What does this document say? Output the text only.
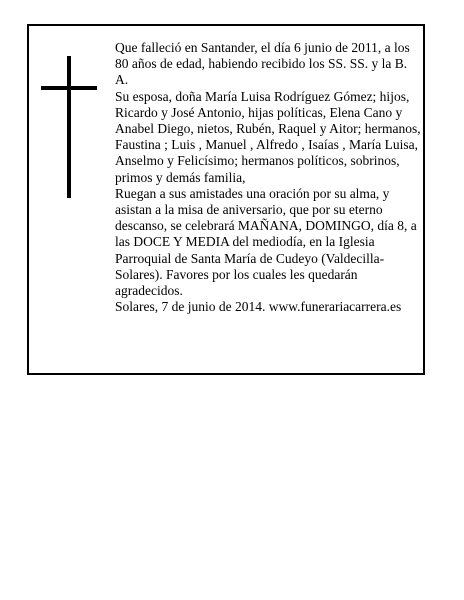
Que falleció en Santander, el día 6 junio de 2011, a los 80 años de edad, habiendo recibido los SS. SS. y la B. A.

Su esposa, doña María Luisa Rodríguez Gómez; hijos, Ricardo y José Antonio, hijas políticas, Elena Cano y Anabel Diego, nietos, Rubén, Raquel y Aitor; hermanos, Faustina ; Luis , Manuel , Alfredo , Isaías , María Luisa, Anselmo y Felicísimo; hermanos políticos, sobrinos, primos y demás familia,

Ruegan a sus amistades una oración por su alma, y asistan a la misa de aniversario, que por su eterno descanso, se celebrará MAÑANA, DOMINGO, día 8, a las DOCE Y MEDIA del mediodía, en la Iglesia Parroquial de Santa María de Cudeyo (Valdecilla-Solares). Favores por los cuales les quedarán agradecidos.

Solares, 7 de junio de 2014. www.funerariacarrera.es
